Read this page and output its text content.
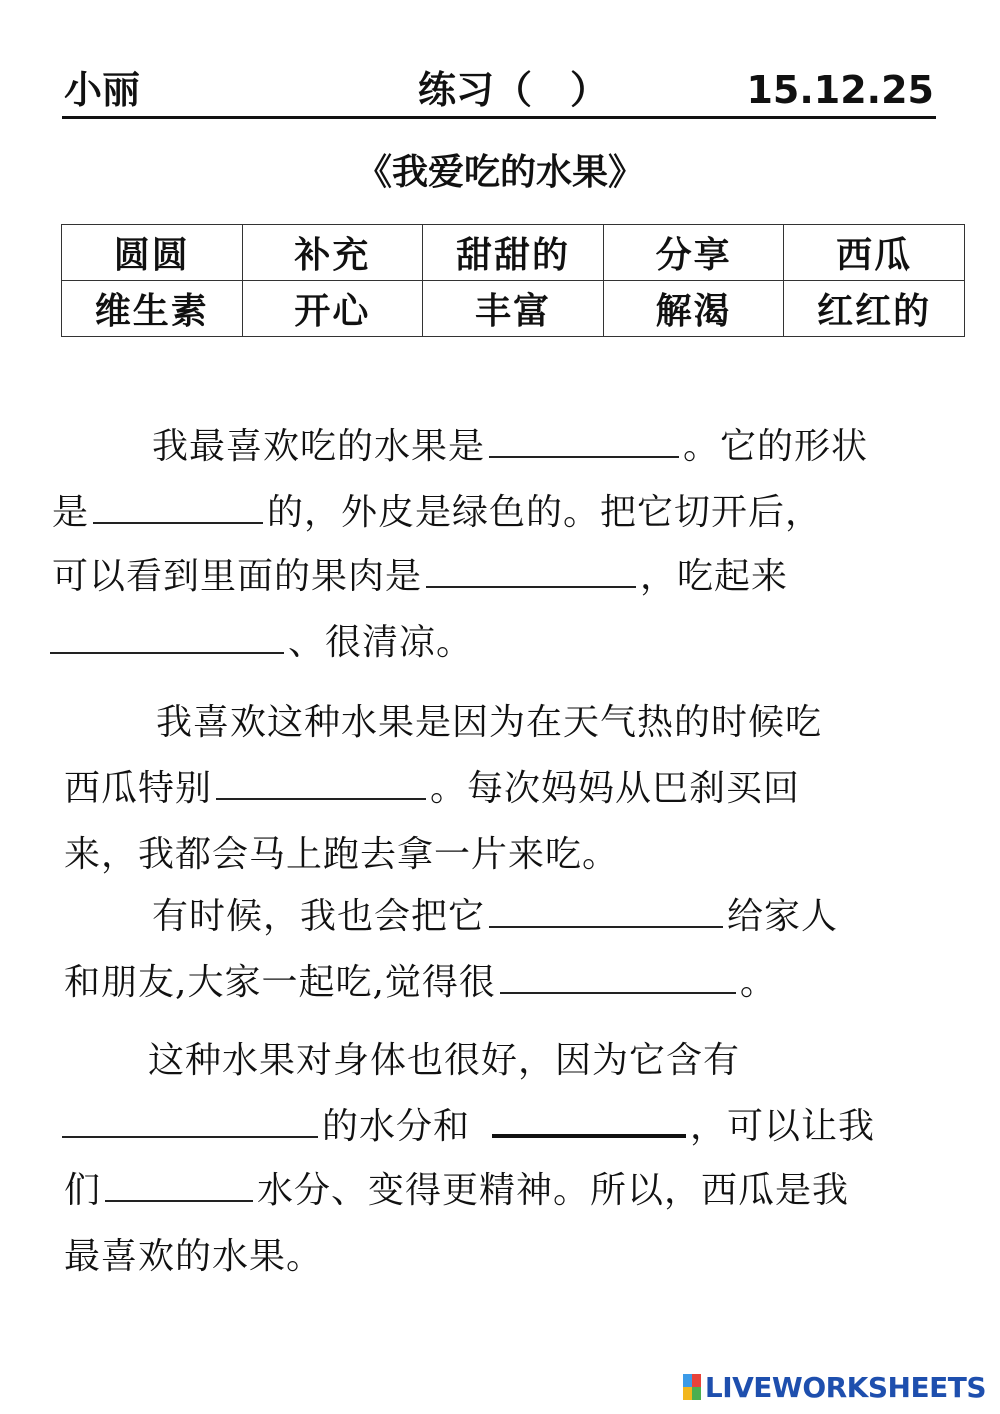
小丽	练习（　）	15.12.25
《我爱吃的水果》
圆圆	补充	甜甜的	分享	西瓜
维生素	开心	丰富	解渴	红红的
我最喜欢吃的水果是	。它的形状
是	的，外皮是绿色的。把它切开后，
可以看到里面的果肉是	，吃起来
、很清凉。
我喜欢这种水果是因为在天气热的时候吃
西瓜特别	。每次妈妈从巴刹买回
来，我都会马上跑去拿一片来吃。
有时候，我也会把它	给家人
和朋友,大家一起吃,觉得很	。
这种水果对身体也很好，因为它含有
的水分和	，可以让我
们	水分、变得更精神。所以，西瓜是我
最喜欢的水果。
LIVEWORKSHEETS
